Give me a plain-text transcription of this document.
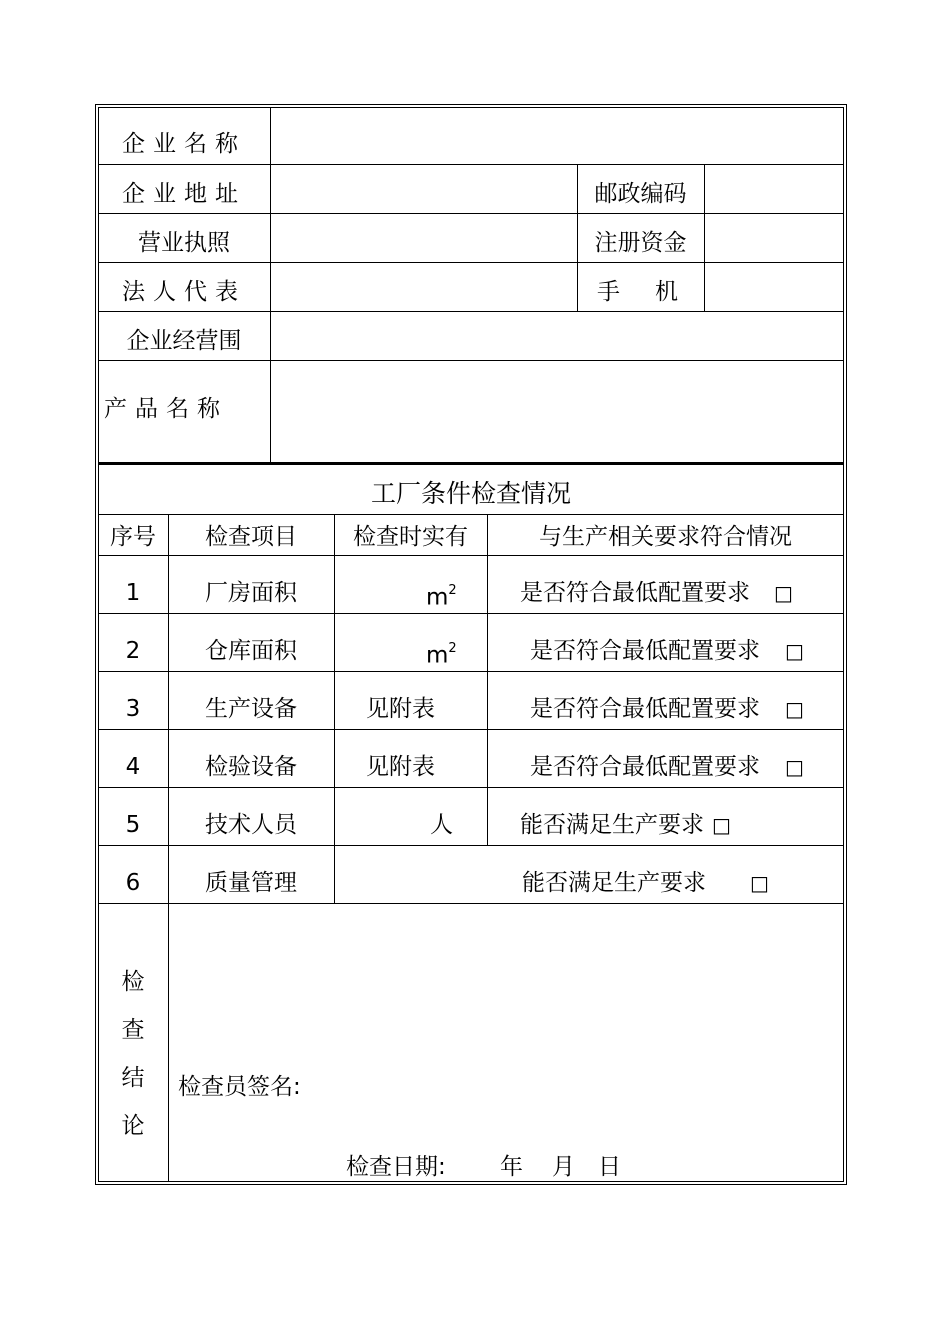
企业名称
企业地址	邮政编码
营业执照	注册资金
法人代表	手　机
企业经营围
产品名称
工厂条件检查情况
序号	检查项目	检查时实有	与生产相关要求符合情况
1	厂房面积	$m^2$	是否符合最低配置要求 □
2	仓库面积	$m^2$	是否符合最低配置要求 □
3	生产设备	见附表	是否符合最低配置要求 □
4	检验设备	见附表	是否符合最低配置要求 □
5	技术人员	人	能否满足生产要求 □
6	质量管理	能否满足生产要求 □
检
查
结
论
检查员签名:
检查日期: 年 月 日
